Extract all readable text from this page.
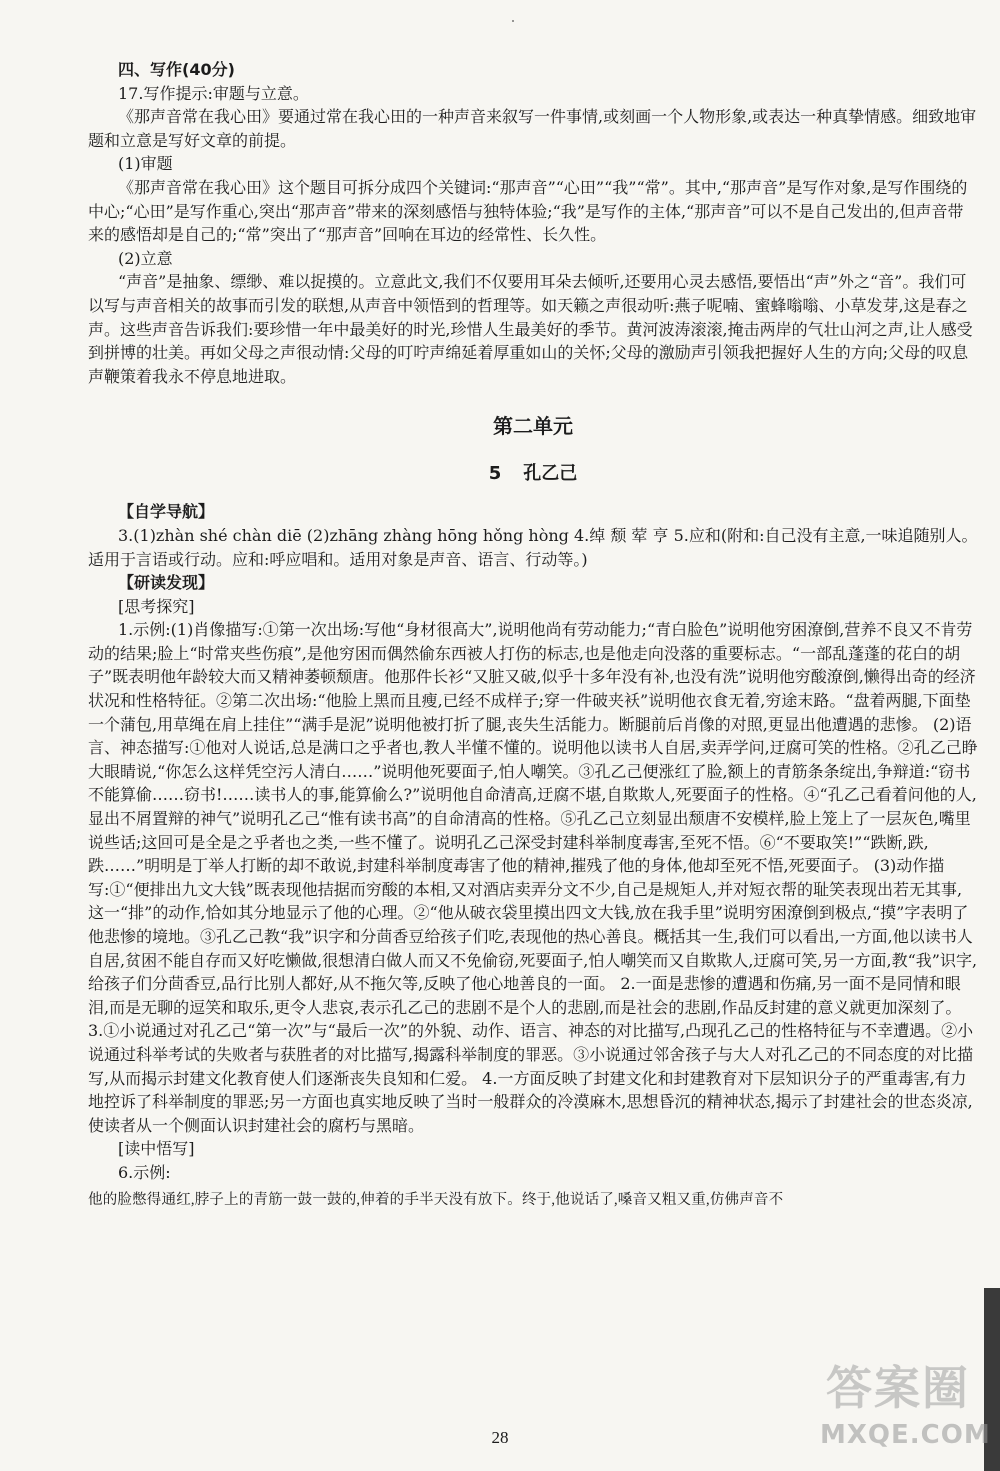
四、写作(40分)
17.写作提示:审题与立意。
《那声音常在我心田》要通过常在我心田的一种声音来叙写一件事情,或刻画一个人物形象,或表达一种真挚情感。细致地审题和立意是写好文章的前提。
(1)审题
《那声音常在我心田》这个题目可拆分成四个关键词:“那声音”“心田”“我”“常”。其中,“那声音”是写作对象,是写作围绕的中心;“心田”是写作重心,突出“那声音”带来的深刻感悟与独特体验;“我”是写作的主体,“那声音”可以不是自己发出的,但声音带来的感悟却是自己的;“常”突出了“那声音”回响在耳边的经常性、长久性。
(2)立意
“声音”是抽象、缥缈、难以捉摸的。立意此文,我们不仅要用耳朵去倾听,还要用心灵去感悟,要悟出“声”外之“音”。我们可以写与声音相关的故事而引发的联想,从声音中领悟到的哲理等。如天籁之声很动听:燕子呢喃、蜜蜂嗡嗡、小草发芽,这是春之声。这些声音告诉我们:要珍惜一年中最美好的时光,珍惜人生最美好的季节。黄河波涛滚滚,掩击两岸的气壮山河之声,让人感受到拼博的壮美。再如父母之声很动情:父母的叮咛声绵延着厚重如山的关怀;父母的激励声引领我把握好人生的方向;父母的叹息声鞭策着我永不停息地进取。
第二单元
5 孔乙己
【自学导航】
3.(1)zhàn shé chàn diē (2)zhāng zhàng hōng hǒng hòng 4.绰 颓 荤 亨 5.应和(附和:自己没有主意,一味追随别人。适用于言语或行动。应和:呼应唱和。适用对象是声音、语言、行动等。)
【研读发现】
[思考探究]
1.示例:(1)肖像描写:①第一次出场:写他“身材很高大”,说明他尚有劳动能力;“青白脸色”说明他穷困潦倒,营养不良又不肯劳动的结果;脸上“时常夹些伤痕”,是他穷困而偶然偷东西被人打伤的标志,也是他走向没落的重要标志。“一部乱蓬蓬的花白的胡子”既表明他年龄较大而又精神萎顿颓唐。他那件长衫“又脏又破,似乎十多年没有补,也没有洗”说明他穷酸潦倒,懒得出奇的经济状况和性格特征。②第二次出场:“他脸上黑而且瘦,已经不成样子;穿一件破夹袄”说明他衣食无着,穷途末路。“盘着两腿,下面垫一个蒲包,用草绳在肩上挂住”“满手是泥”说明他被打折了腿,丧失生活能力。断腿前后肖像的对照,更显出他遭遇的悲惨。 (2)语言、神态描写:①他对人说话,总是满口之乎者也,教人半懂不懂的。说明他以读书人自居,卖弄学问,迂腐可笑的性格。②孔乙己睁大眼睛说,“你怎么这样凭空污人清白……”说明他死要面子,怕人嘲笑。③孔乙己便涨红了脸,额上的青筋条条绽出,争辩道:“窃书不能算偷……窃书!……读书人的事,能算偷么?”说明他自命清高,迂腐不堪,自欺欺人,死要面子的性格。④“孔乙己看着问他的人,显出不屑置辩的神气”说明孔乙己“惟有读书高”的自命清高的性格。⑤孔乙己立刻显出颓唐不安模样,脸上笼上了一层灰色,嘴里说些话;这回可是全是之乎者也之类,一些不懂了。说明孔乙己深受封建科举制度毒害,至死不悟。⑥“不要取笑!”“跌断,跌,跌……”明明是丁举人打断的却不敢说,封建科举制度毒害了他的精神,摧残了他的身体,他却至死不悟,死要面子。 (3)动作描写:①“便排出九文大钱”既表现他拮据而穷酸的本相,又对酒店卖弄分文不少,自己是规矩人,并对短衣帮的耻笑表现出若无其事,这一“排”的动作,恰如其分地显示了他的心理。②“他从破衣袋里摸出四文大钱,放在我手里”说明穷困潦倒到极点,“摸”字表明了他悲惨的境地。③孔乙己教“我”识字和分茴香豆给孩子们吃,表现他的热心善良。概括其一生,我们可以看出,一方面,他以读书人自居,贫困不能自存而又好吃懒做,很想清白做人而又不免偷窃,死要面子,怕人嘲笑而又自欺欺人,迂腐可笑,另一方面,教“我”识字,给孩子们分茴香豆,品行比别人都好,从不拖欠等,反映了他心地善良的一面。 2.一面是悲惨的遭遇和伤痛,另一面不是同情和眼泪,而是无聊的逗笑和取乐,更令人悲哀,表示孔乙己的悲剧不是个人的悲剧,而是社会的悲剧,作品反封建的意义就更加深刻了。 3.①小说通过对孔乙己“第一次”与“最后一次”的外貌、动作、语言、神态的对比描写,凸现孔乙己的性格特征与不幸遭遇。②小说通过科举考试的失败者与获胜者的对比描写,揭露科举制度的罪恶。③小说通过邻舍孩子与大人对孔乙己的不同态度的对比描写,从而揭示封建文化教育使人们逐渐丧失良知和仁爱。 4.一方面反映了封建文化和封建教育对下层知识分子的严重毒害,有力地控诉了科举制度的罪恶;另一方面也真实地反映了当时一般群众的冷漠麻木,思想昏沉的精神状态,揭示了封建社会的世态炎凉,使读者从一个侧面认识封建社会的腐朽与黑暗。
[读中悟写]
6.示例:
他的脸憋得通红,脖子上的青筋一鼓一鼓的,伸着的手半天没有放下。终于,他说话了,嗓音又粗又重,仿佛声音不
28
答案圈
MXQE.COM
